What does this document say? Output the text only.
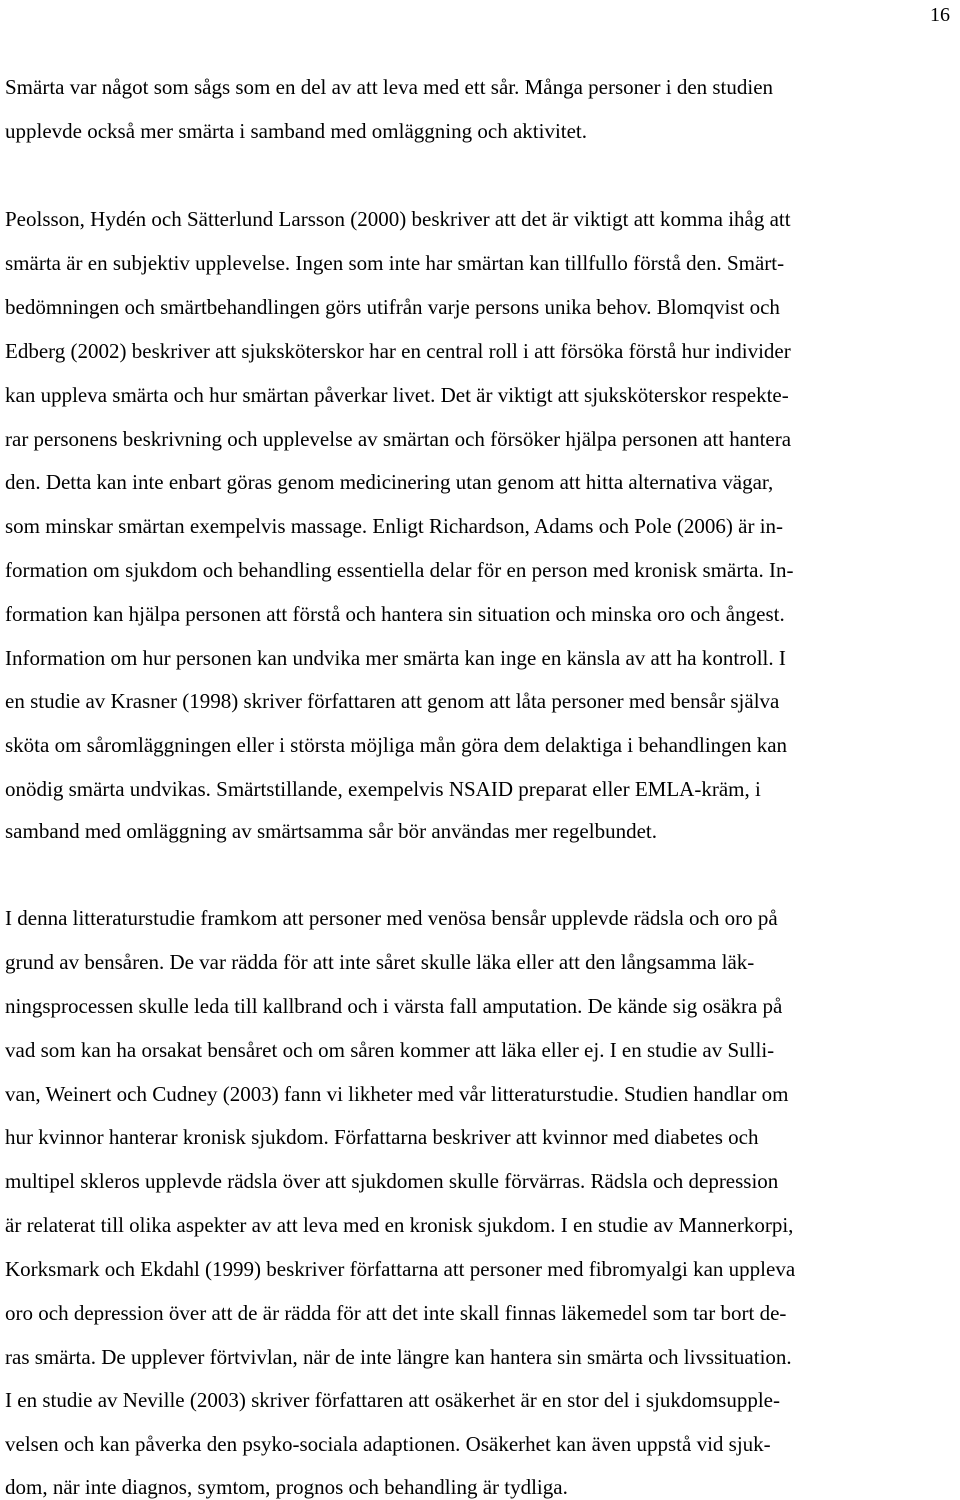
16
Smärta var något som sågs som en del av att leva med ett sår. Många personer i den studien
upplevde också mer smärta i samband med omläggning och aktivitet.
Peolsson, Hydén och Sätterlund Larsson (2000) beskriver att det är viktigt att komma ihåg att
smärta är en subjektiv upplevelse. Ingen som inte har smärtan kan tillfullo förstå den. Smärt-
bedömningen och smärtbehandlingen görs utifrån varje persons unika behov. Blomqvist och
Edberg (2002) beskriver att sjuksköterskor har en central roll i att försöka förstå hur individer
kan uppleva smärta och hur smärtan påverkar livet. Det är viktigt att sjuksköterskor respekte-
rar personens beskrivning och upplevelse av smärtan och försöker hjälpa personen att hantera
den. Detta kan inte enbart göras genom medicinering utan genom att hitta alternativa vägar,
som minskar smärtan exempelvis massage. Enligt Richardson, Adams och Pole (2006) är in-
formation om sjukdom och behandling essentiella delar för en person med kronisk smärta. In-
formation kan hjälpa personen att förstå och hantera sin situation och minska oro och ångest.
Information om hur personen kan undvika mer smärta kan inge en känsla av att ha kontroll. I
en studie av Krasner (1998) skriver författaren att genom att låta personer med bensår själva
sköta om såromläggningen eller i största möjliga mån göra dem delaktiga i behandlingen kan
onödig smärta undvikas. Smärtstillande, exempelvis NSAID preparat eller EMLA-kräm, i
samband med omläggning av smärtsamma sår bör användas mer regelbundet.
I denna litteraturstudie framkom att personer med venösa bensår upplevde rädsla och oro på
grund av bensåren. De var rädda för att inte såret skulle läka eller att den långsamma läk-
ningsprocessen skulle leda till kallbrand och i värsta fall amputation. De kände sig osäkra på
vad som kan ha orsakat bensåret och om såren kommer att läka eller ej. I en studie av Sulli-
van, Weinert och Cudney (2003) fann vi likheter med vår litteraturstudie. Studien handlar om
hur kvinnor hanterar kronisk sjukdom. Författarna beskriver att kvinnor med diabetes och
multipel skleros upplevde rädsla över att sjukdomen skulle förvärras. Rädsla och depression
är relaterat till olika aspekter av att leva med en kronisk sjukdom. I en studie av Mannerkorpi,
Korksmark och Ekdahl (1999) beskriver författarna att personer med fibromyalgi kan uppleva
oro och depression över att de är rädda för att det inte skall finnas läkemedel som tar bort de-
ras smärta. De upplever förtvivlan, när de inte längre kan hantera sin smärta och livssituation.
I en studie av Neville (2003) skriver författaren att osäkerhet är en stor del i sjukdomsupple-
velsen och kan påverka den psyko-sociala adaptionen. Osäkerhet kan även uppstå vid sjuk-
dom, när inte diagnos, symtom, prognos och behandling är tydliga.
